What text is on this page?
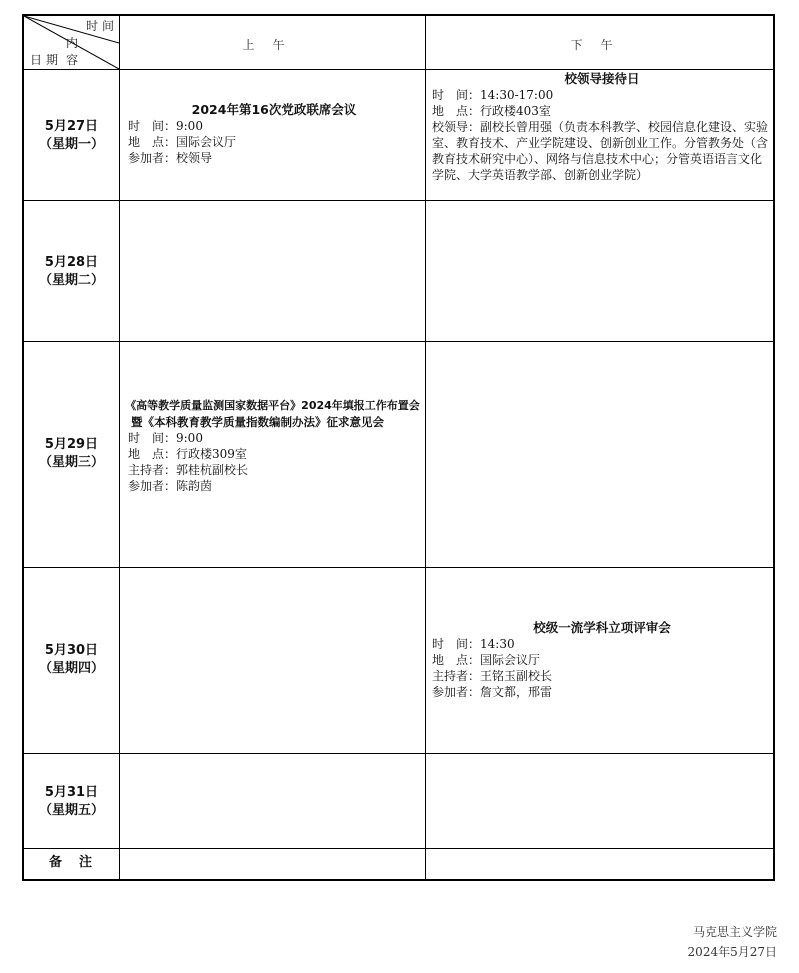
时间
内容
日期
上午	下午
5月27日
（星期一）
2024年第16次党政联席会议
时　间：9:00
地　点：国际会议厅
参加者：校领导
校领导接待日
时　间：14:30-17:00
地　点：行政楼403室
校领导：副校长曾用强（负责本科教学、校园信息化建设、实验室、教育技术、产业学院建设、创新创业工作。分管教务处（含教育技术研究中心）、网络与信息技术中心；分管英语语言文化学院、大学英语教学部、创新创业学院）
5月28日
（星期二）
5月29日
（星期三）
《高等教学质量监测国家数据平台》2024年填报工作布置会
暨《本科教育教学质量指数编制办法》征求意见会
时　间：9:00
地　点：行政楼309室
主持者：郭桂杭副校长
参加者：陈韵茵
5月30日
（星期四）
校级一流学科立项评审会
时　间：14:30
地　点：国际会议厅
主持者：王铭玉副校长
参加者：詹文都，邢雷
5月31日
（星期五）
备　注
马克思主义学院
2024年5月27日
